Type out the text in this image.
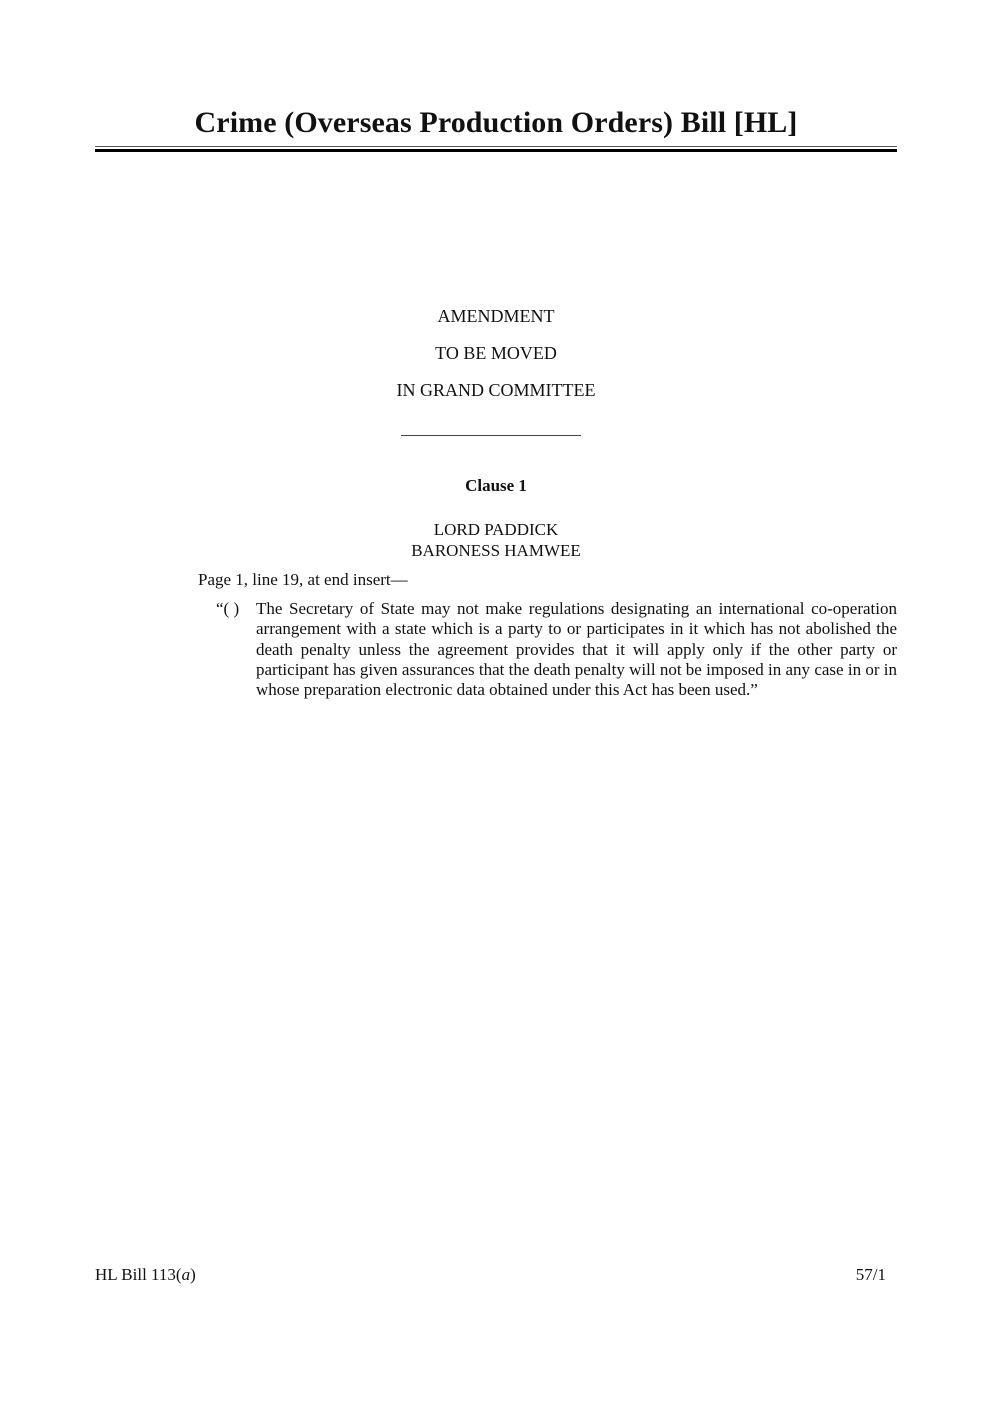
Crime (Overseas Production Orders) Bill [HL]
AMENDMENT
TO BE MOVED
IN GRAND COMMITTEE
Clause 1
LORD PADDICK
BARONESS HAMWEE
Page 1, line 19, at end insert—
“( ) The Secretary of State may not make regulations designating an international co-operation arrangement with a state which is a party to or participates in it which has not abolished the death penalty unless the agreement provides that it will apply only if the other party or participant has given assurances that the death penalty will not be imposed in any case in or in whose preparation electronic data obtained under this Act has been used.”
HL Bill 113(a)	57/1
